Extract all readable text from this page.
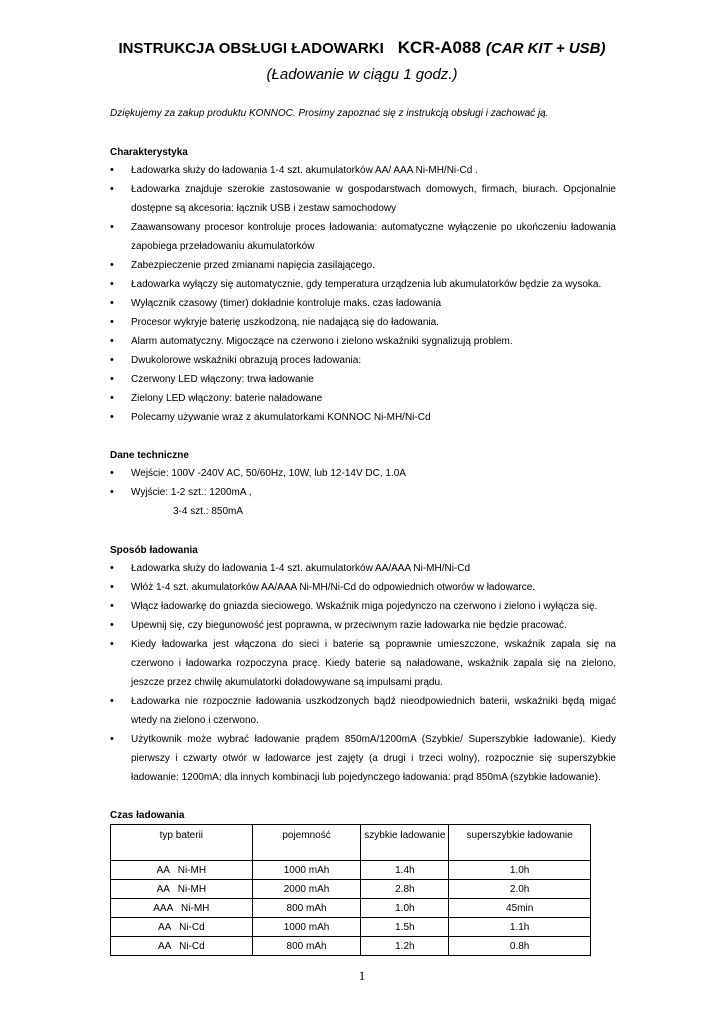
INSTRUKCJA OBSŁUGI ŁADOWARKI KCR-A088 (CAR KIT + USB)
(Ładowanie w ciągu 1 godz.)
Dziękujemy za zakup produktu KONNOC. Prosimy zapoznać się z instrukcją obsługi i zachować ją.
Charakterystyka
• Ładowarka służy do ładowania 1-4 szt. akumulatorków AA/ AAA Ni-MH/Ni-Cd .
• Ładowarka znajduje szerokie zastosowanie w gospodarstwach domowych, firmach, biurach. Opcjonalnie dostępne są akcesoria: łącznik USB i zestaw samochodowy
• Zaawansowany procesor kontroluje proces ładowania: automatyczne wyłączenie po ukończeniu ładowania zapobiega przeładowaniu akumulatorków
• Zabezpieczenie przed zmianami napięcia zasilającego.
• Ładowarka wyłączy się automatycznie, gdy temperatura urządzenia lub akumulatorków będzie za wysoka.
• Wyłącznik czasowy (timer) dokładnie kontroluje maks. czas ładowania
• Procesor wykryje baterię uszkodzoną, nie nadającą się do ładowania.
• Alarm automatyczny. Migoczące na czerwono i zielono wskaźniki sygnalizują problem.
• Dwukolorowe wskaźniki obrazują proces ładowania:
• Czerwony LED włączony: trwa ładowanie
• Zielony LED włączony: baterie naładowane
• Polecamy używanie wraz z akumulatorkami KONNOC Ni-MH/Ni-Cd
Dane techniczne
• Wejście: 100V -240V AC, 50/60Hz, 10W, lub 12-14V DC, 1.0A
• Wyjście: 1-2 szt.: 1200mA ,
3-4 szt.: 850mA
Sposób ładowania
• Ładowarka służy do ładowania 1-4 szt. akumulatorków AA/AAA Ni-MH/Ni-Cd
• Włóż 1-4 szt. akumulatorków AA/AAA Ni-MH/Ni-Cd do odpowiednich otworów w ładowarce.
• Włącz ładowarkę do gniazda sieciowego. Wskaźnik miga pojedynczo na czerwono i zielono i wyłącza się.
• Upewnij się, czy biegunowość jest poprawna, w przeciwnym razie ładowarka nie będzie pracować.
• Kiedy ładowarka jest włączona do sieci i baterie są poprawnie umieszczone, wskaźnik zapala się na czerwono i ładowarka rozpoczyna pracę. Kiedy baterie są naładowane, wskaźnik zapala się na zielono, jeszcze przez chwilę akumulatorki doładowywane są impulsami prądu.
• Ładowarka nie rozpocznie ładowania uszkodzonych bądź nieodpowiednich baterii, wskaźniki będą migać wtedy na zielono i czerwono.
• Użytkownik może wybrać ładowanie prądem 850mA/1200mA (Szybkie/ Superszybkie ładowanie). Kiedy pierwszy i czwarty otwór w ładowarce jest zajęty (a drugi i trzeci wolny), rozpocznie się superszybkie ładowanie: 1200mA; dla innych kombinacji lub pojedynczego ładowania: prąd 850mA (szybkie ładowanie).
Czas ładowania
typ baterii	pojemność	szybkie ładowanie	superszybkie ładowanie
AA   Ni-MH	1000 mAh	1.4h	1.0h
AA   Ni-MH	2000 mAh	2.8h	2.0h
AAA   Ni-MH	800 mAh	1.0h	45min
AA   Ni-Cd	1000 mAh	1.5h	1.1h
AA   Ni-Cd	800 mAh	1.2h	0.8h
1
